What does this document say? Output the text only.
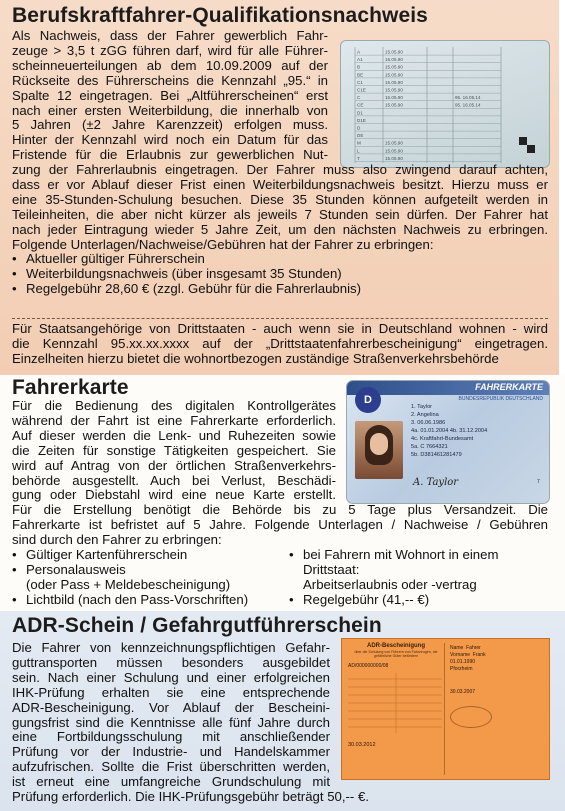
Berufskraftfahrer-Qualifikationsnachweis
Als Nachweis, dass der Fahrer gewerblich Fahr-
zeuge > 3,5 t zGG führen darf, wird für alle Führer-
scheinneuerteilungen ab dem 10.09.2009 auf der
Rückseite des Führerscheins die Kennzahl „95.“ in
Spalte 12 eingetragen. Bei „Altführerscheinen“ erst
nach einer ersten Weiterbildung, die innerhalb von
5 Jahren (±2 Jahre Karenzzeit) erfolgen muss.
Hinter der Kennzahl wird noch ein Datum für das
Fristende für die Erlaubnis zur gewerblichen Nut-
A	15.05.90
A1	15.05.90
B	15.05.90
BE	15.05.90
C1	15.05.90
C1E	15.05.90
C	15.05.90	95. 16.05.14
CE	15.05.90	95. 16.05.14
D1
D1E
D
DE
M	15.05.90
L	15.05.90
T	15.05.90
zung der Fahrerlaubnis eingetragen. Der Fahrer muss also zwingend darauf achten,
dass er vor Ablauf dieser Frist einen Weiterbildungsnachweis besitzt. Hierzu muss er
eine 35-Stunden-Schulung besuchen. Diese 35 Stunden können aufgeteilt werden in
Teileinheiten, die aber nicht kürzer als jeweils 7 Stunden sein dürfen. Der Fahrer hat
nach jeder Eintragung wieder 5 Jahre Zeit, um den nächsten Nachweis zu erbringen.
Folgende Unterlagen/Nachweise/Gebühren hat der Fahrer zu erbringen:
• Aktueller gültiger Führerschein
• Weiterbildungsnachweis (über insgesamt 35 Stunden)
• Regelgebühr 28,60 € (zzgl. Gebühr für die Fahrerlaubnis)
Für Staatsangehörige von Drittstaaten - auch wenn sie in Deutschland wohnen - wird
die Kennzahl 95.xx.xx.xxxx auf der „Drittstaatenfahrerbescheinigung“ eingetragen.
Einzelheiten hierzu bietet die wohnortbezogen zuständige Straßenverkehrsbehörde
Fahrerkarte
Für die Bedienung des digitalen Kontrollgerätes
während der Fahrt ist eine Fahrerkarte erforderlich.
Auf dieser werden die Lenk- und Ruhezeiten sowie
die Zeiten für sonstige Tätigkeiten gespeichert. Sie
wird auf Antrag von der örtlichen Straßenverkehrs-
behörde ausgestellt. Auch bei Verlust, Beschädi-
gung oder Diebstahl wird eine neue Karte erstellt.
FAHRERKARTE
BUNDESREPUBLIK DEUTSCHLAND
D
1. Taylor
2. Angelina
3. 06.06.1986
4a. 01.01.2004 4b. 31.12.2004
4c. Kraftfahrt-Bundesamt
5a. C 7664321
5b. D381461281479
A. Taylor	7
Für die Erstellung benötigt die Behörde bis zu 5 Tage plus Versandzeit. Die
Fahrerkarte ist befristet auf 5 Jahre. Folgende Unterlagen / Nachweise / Gebühren
sind durch den Fahrer zu erbringen:
• Gültiger Kartenführerschein
• Personalausweis
(oder Pass + Meldebescheinigung)
• Lichtbild (nach den Pass-Vorschriften)
• bei Fahrern mit Wohnort in einem
Drittstaat:
Arbeitserlaubnis oder -vertrag
• Regelgebühr (41,-- €)
ADR-Schein / Gefahrgutführerschein
Die Fahrer von kennzeichnungspflichtigen Gefahr-
guttransporten müssen besonders ausgebildet
sein. Nach einer Schulung und einer erfolgreichen
IHK-Prüfung erhalten sie eine entsprechende
ADR-Bescheinigung. Vor Ablauf der Bescheini-
gungsfrist sind die Kenntnisse alle fünf Jahre durch
eine Fortbildungsschulung mit anschließender
Prüfung vor der Industrie- und Handelskammer
aufzufrischen. Sollte die Frist überschritten werden,
ist erneut eine umfangreiche Grundschulung mit
Prüfung erforderlich. Die IHK-Prüfungsgebühr beträgt 50,-- €.
ADR-Bescheinigung
über die Schulung von Führern von Fahrzeugen, die gefährliche Güter befördern
AD/000000000/08
30.03.2012
Name Fahrer
Vorname Frank
01.01.1990
Pforzheim
30.03.2007
